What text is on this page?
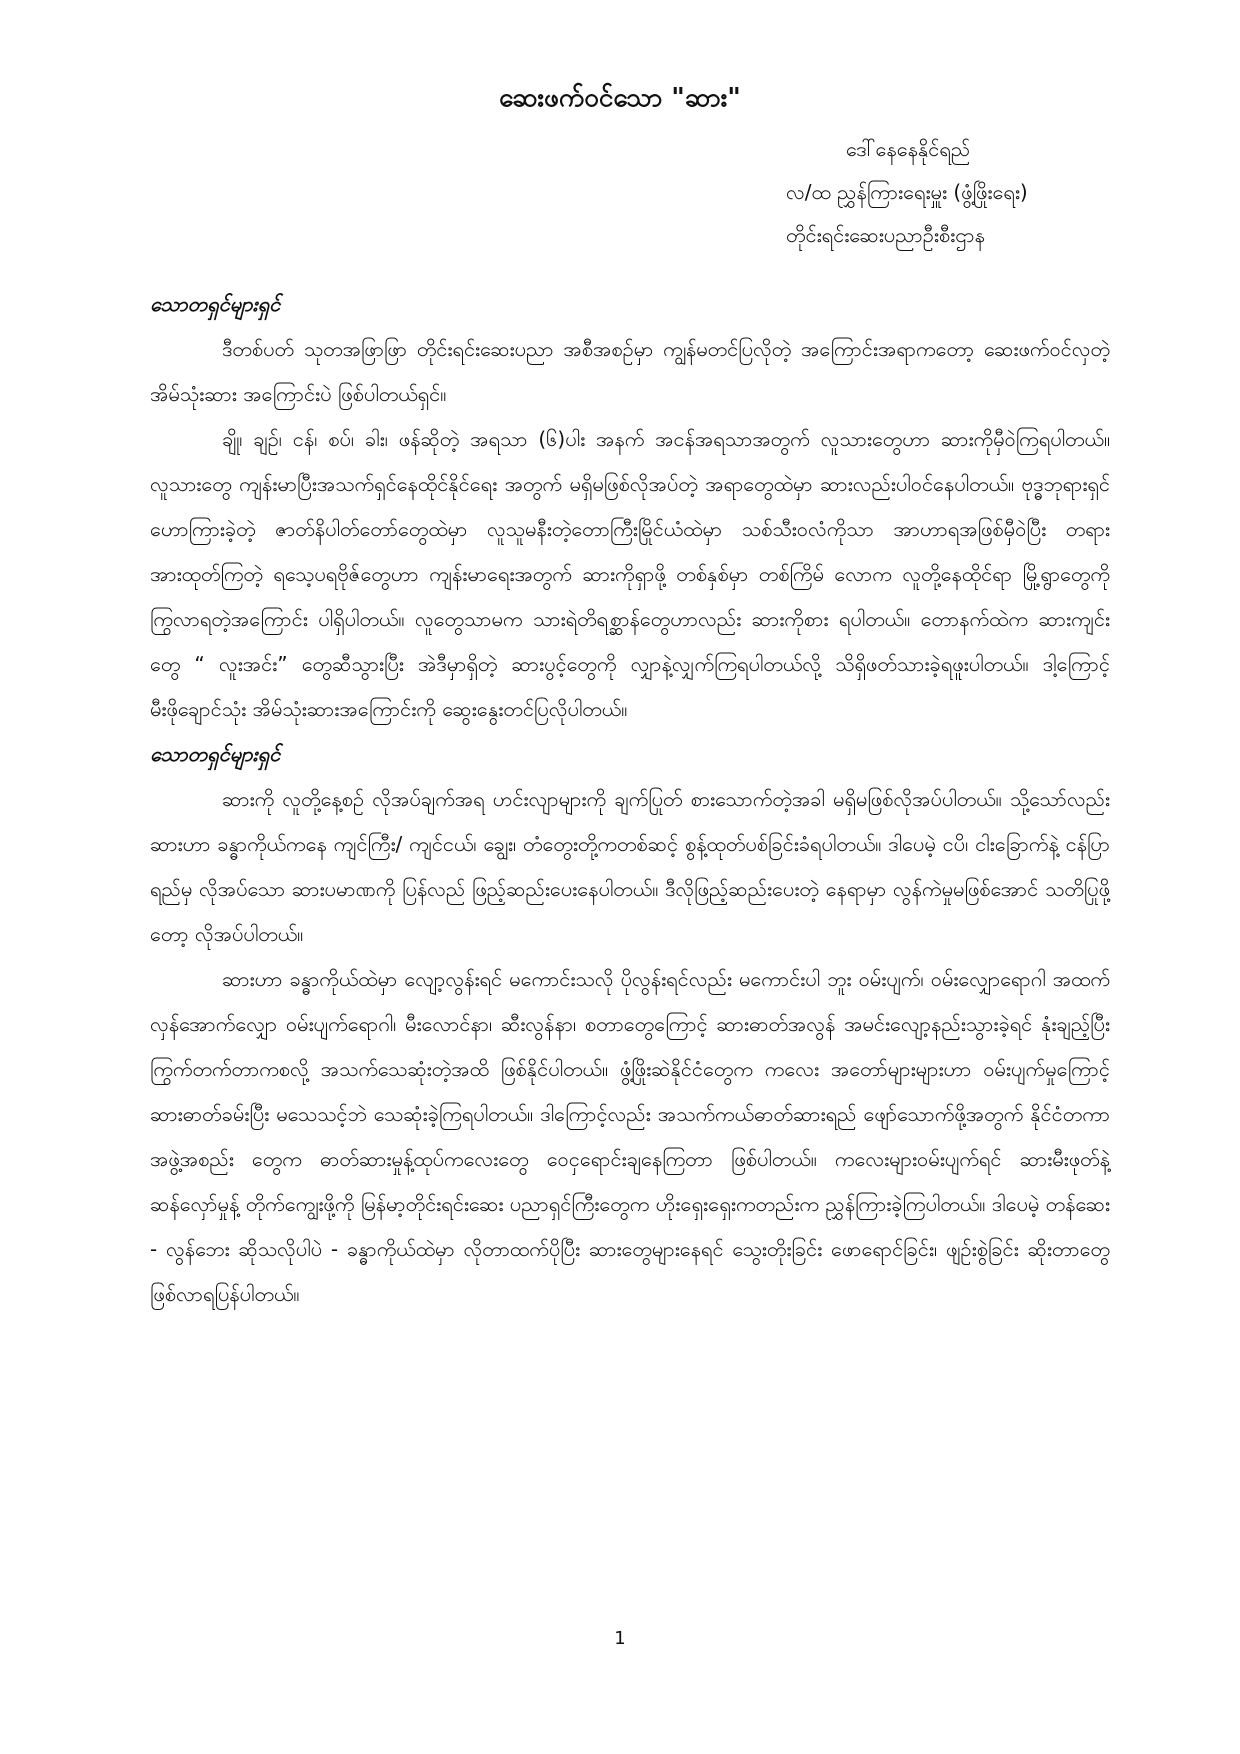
ဆေးဖက်ဝင်သော "ဆား"
ဒေါ်နေနေနိုင်ရည်
လ/ထ ညွှန်ကြားရေးမှူး (ဖွံ့ဖြိုးရေး)
တိုင်းရင်းဆေးပညာဦးစီးဌာန

သောတရှင်များရှင်

ဒီတစ်ပတ် သုတအဖြာဖြာ တိုင်းရင်းဆေးပညာ အစီအစဉ်မှာ ကျွန်မတင်ပြလိုတဲ့ အကြောင်းအရာကတော့ ဆေးဖက်ဝင်လှတဲ့ အိမ်သုံးဆား အကြောင်းပဲ ဖြစ်ပါတယ်ရှင်။

ချို၊ ချဉ်၊ ငန်၊ စပ်၊ ခါး၊ ဖန်ဆိုတဲ့ အရသာ (၆)ပါး အနက် အငန်အရသာအတွက် လူသားတွေဟာ ဆားကိုမှီဝဲကြရပါတယ်။ လူသားတွေ ကျန်းမာပြီးအသက်ရှင်နေထိုင်နိုင်ရေး အတွက် မရှိမဖြစ်လိုအပ်တဲ့ အရာတွေထဲမှာ ဆားလည်းပါဝင်နေပါတယ်။ ဗုဒ္ဓဘုရားရှင် ဟောကြားခဲ့တဲ့ ဇာတ်နိပါတ်တော်တွေထဲမှာ လူသူမနီးတဲ့တောကြီးမြိုင်ယံထဲမှာ သစ်သီးဝလံကိုသာ အာဟာရအဖြစ်မှီဝဲပြီး တရားအားထုတ်ကြတဲ့ ရသေ့ပရဗိုဇ်တွေဟာ ကျန်းမာရေးအတွက် ဆားကိုရှာဖို့ တစ်နှစ်မှာ တစ်ကြိမ် လောက လူတို့နေထိုင်ရာ မြို့ရွာတွေကို ကြွလာရတဲ့အကြောင်း ပါရှိပါတယ်။ လူတွေသာမက သားရဲတိရစ္ဆာန်တွေဟာလည်း ဆားကိုစား ရပါတယ်။ တောနက်ထဲက ဆားကျင်းတွေ “ လူးအင်း” တွေဆီသွားပြီး အဲဒီမှာရှိတဲ့ ဆားပွင့်တွေကို လျှာနဲ့လျှက်ကြရပါတယ်လို့ သိရှိဖတ်သားခဲ့ရဖူးပါတယ်။ ဒါ့ကြောင့် မီးဖိုချောင်သုံး အိမ်သုံးဆားအကြောင်းကို ဆွေးနွေးတင်ပြလိုပါတယ်။

သောတရှင်များရှင်

ဆားကို လူတို့နေ့စဉ် လိုအပ်ချက်အရ ဟင်းလျာများကို ချက်ပြုတ် စားသောက်တဲ့အခါ မရှိမဖြစ်လိုအပ်ပါတယ်။ သို့သော်လည်း ဆားဟာ ခန္ဓာကိုယ်ကနေ ကျင်ကြီး/ ကျင်ငယ်၊ ချွေး၊ တံတွေးတို့ကတစ်ဆင့် စွန့်ထုတ်ပစ်ခြင်းခံရပါတယ်။ ဒါပေမဲ့ ငပိ၊ ငါးခြောက်နဲ့ ငန်ပြာရည်မှ လိုအပ်သော ဆားပမာဏကို ပြန်လည် ဖြည့်ဆည်းပေးနေပါတယ်။ ဒီလိုဖြည့်ဆည်းပေးတဲ့ နေရာမှာ လွန်ကဲမှုမဖြစ်အောင် သတိပြုဖို့တော့ လိုအပ်ပါတယ်။

ဆားဟာ ခန္ဓာကိုယ်ထဲမှာ လျော့လွန်းရင် မကောင်းသလို ပိုလွန်းရင်လည်း မကောင်းပါ ဘူး ဝမ်းပျက်၊ ဝမ်းလျှောရောဂါ အထက်လှန်အောက်လျှော ဝမ်းပျက်ရောဂါ၊ မီးလောင်နာ၊ ဆီးလွန်နာ၊ စတာတွေကြောင့် ဆားဓာတ်အလွန် အမင်းလျော့နည်းသွားခဲ့ရင် နုံးချည့်ပြီး ကြွက်တက်တာကစလို့ အသက်သေဆုံးတဲ့အထိ ဖြစ်နိုင်ပါတယ်။ ဖွံ့ဖြိုးဆဲနိုင်ငံတွေက ကလေး အတော်များများဟာ ဝမ်းပျက်မှုကြောင့် ဆားဓာတ်ခမ်းပြီး မသေသင့်ဘဲ သေဆုံးခဲ့ကြရပါတယ်။ ဒါကြောင့်လည်း အသက်ကယ်ဓာတ်ဆားရည် ဖျော်သောက်ဖို့အတွက် နိုင်ငံတကာအဖွဲ့အစည်း တွေက ဓာတ်ဆားမှုန့်ထုပ်ကလေးတွေ ဝေငှရောင်းချနေကြတာ ဖြစ်ပါတယ်။ ကလေးများဝမ်းပျက်ရင် ဆားမီးဖုတ်နဲ့ ဆန်လှော်မှုန့် တိုက်ကျွေးဖို့ကို မြန်မာ့တိုင်းရင်းဆေး ပညာရှင်ကြီးတွေက ဟိုးရှေးရှေးကတည်းက ညွှန်ကြားခဲ့ကြပါတယ်။ ဒါပေမဲ့ တန်ဆေး - လွန်ဘေး ဆိုသလိုပါပဲ - ခန္ဓာကိုယ်ထဲမှာ လိုတာထက်ပိုပြီး ဆားတွေများနေရင် သွေးတိုးခြင်း ဖောရောင်ခြင်း၊ ဖျဉ်းစွဲခြင်း ဆိုးတာတွေ ဖြစ်လာရပြန်ပါတယ်။

1
